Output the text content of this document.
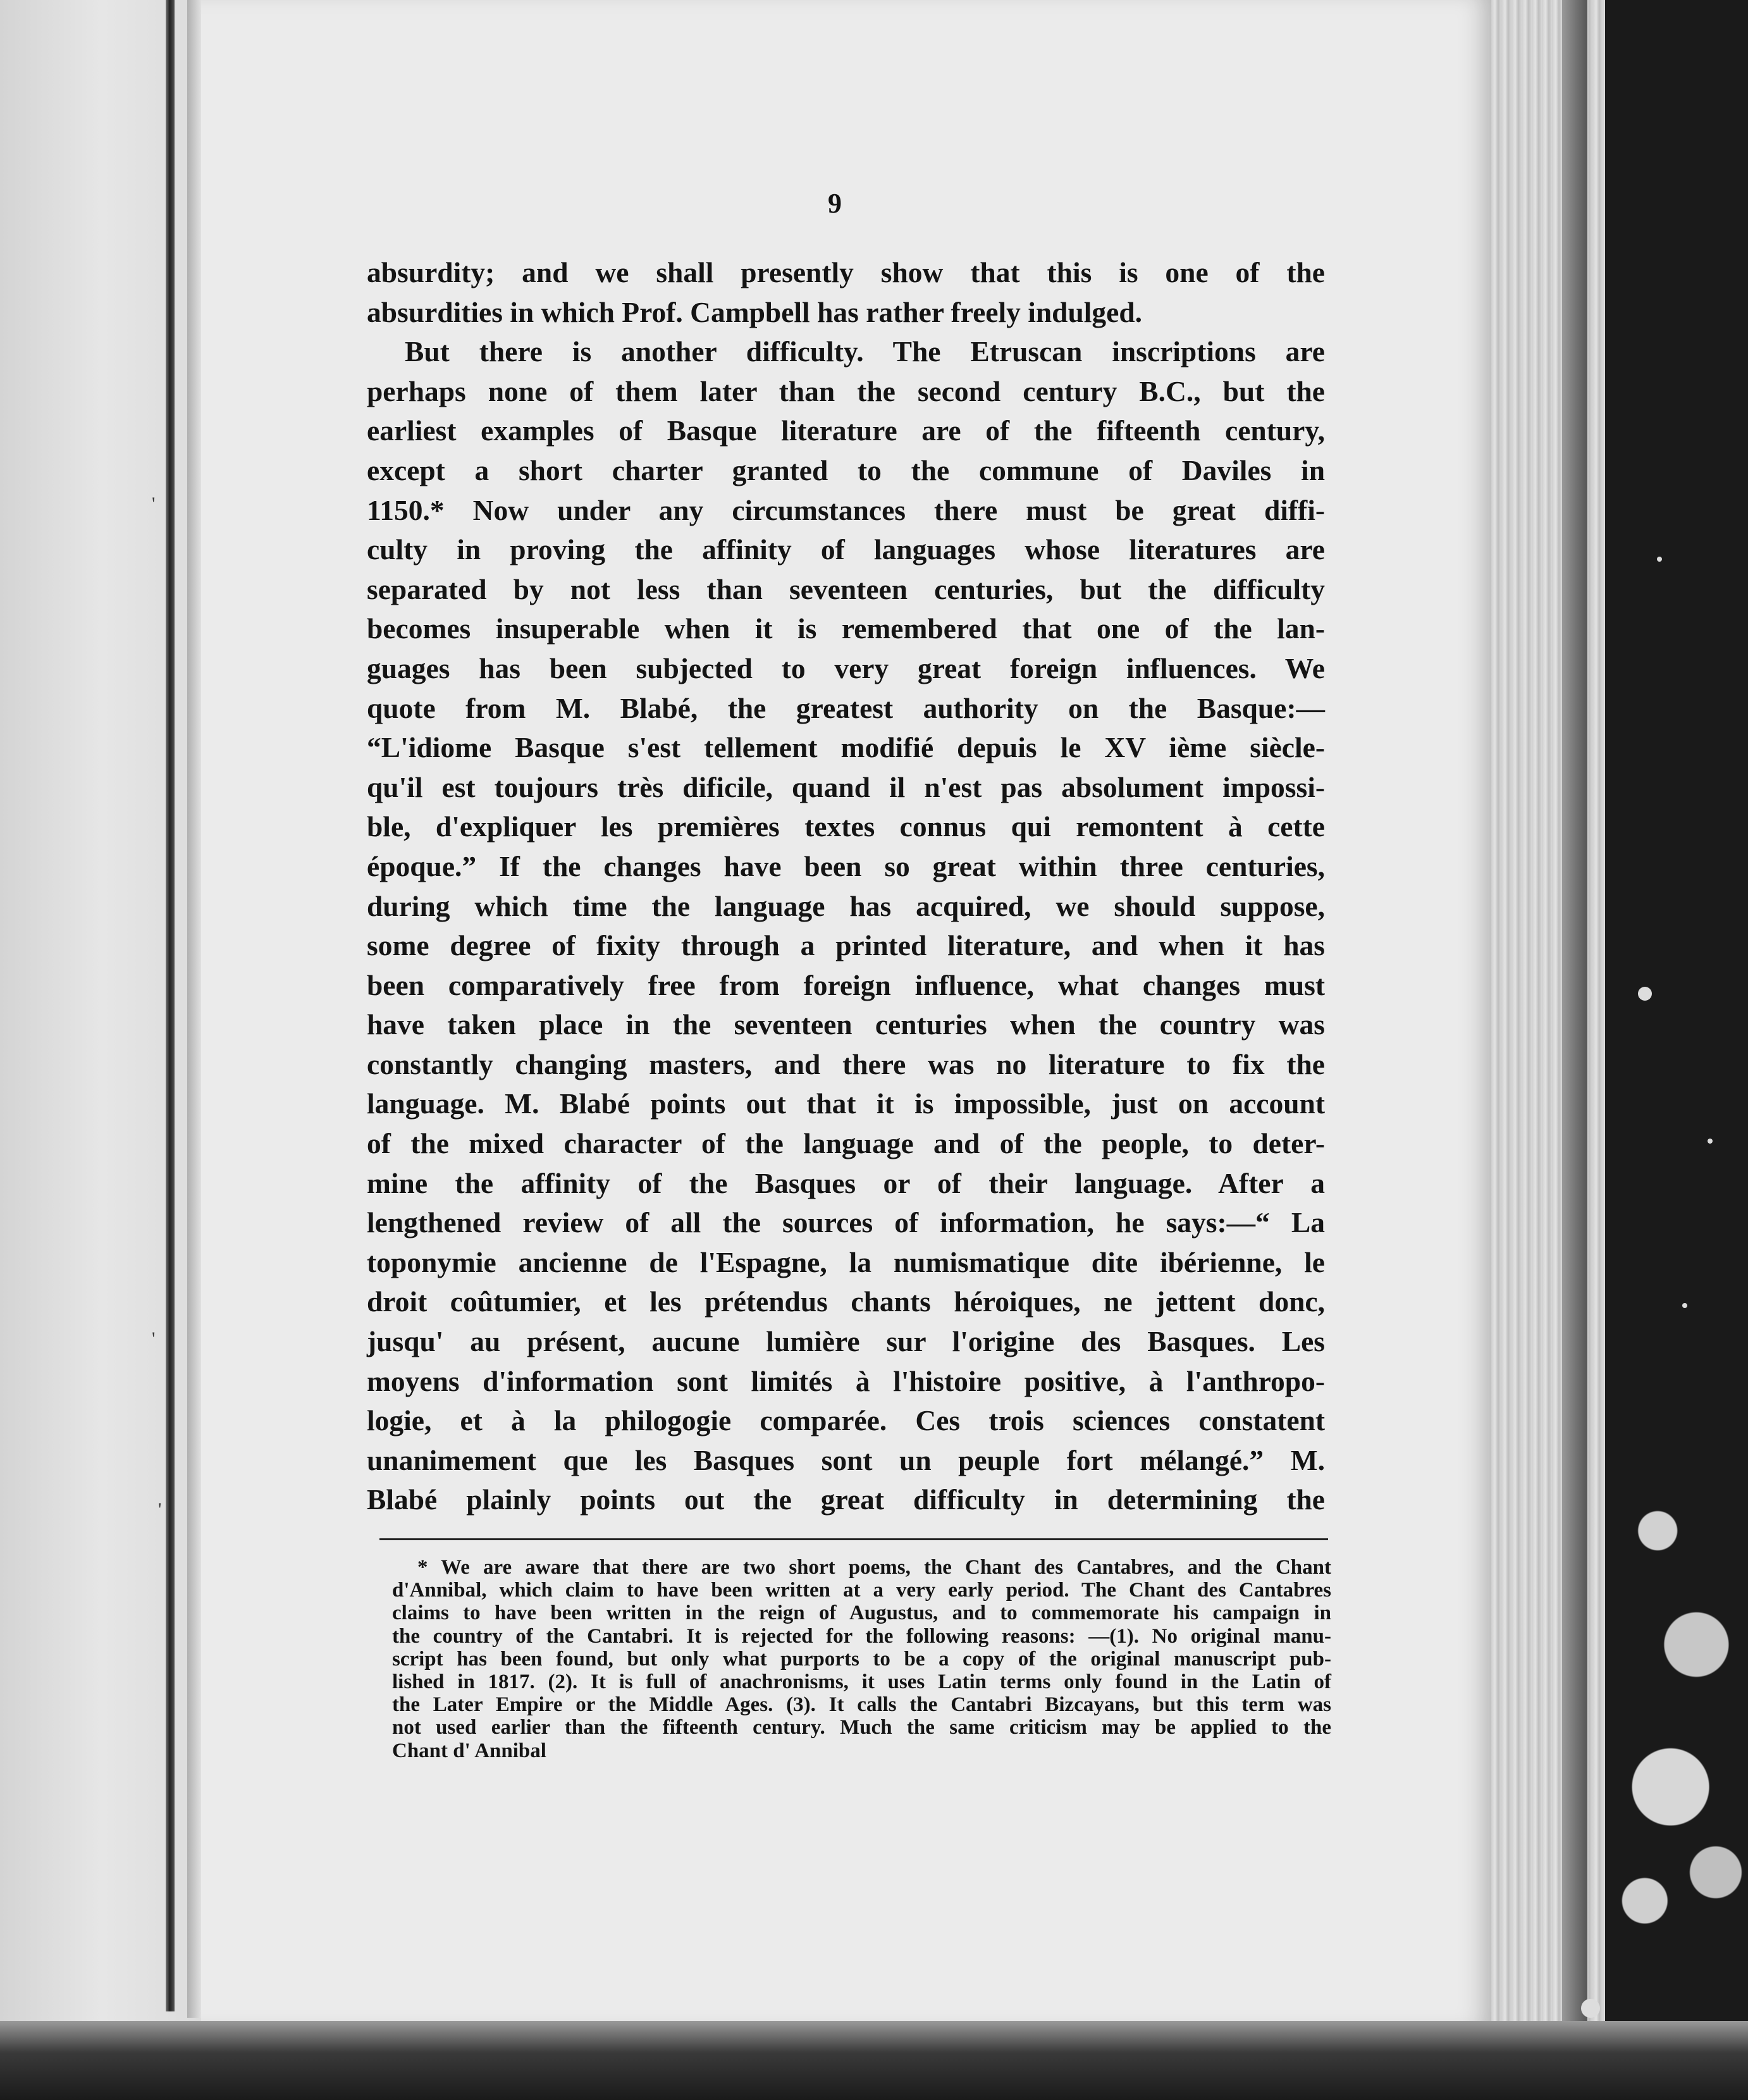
'
'
'
9
absurdity; and we shall presently show that this is one of the
absurdities in which Prof. Campbell has rather freely indulged.
But there is another difficulty. The Etruscan inscriptions are
perhaps none of them later than the second century B.C., but the
earliest examples of Basque literature are of the fifteenth century,
except a short charter granted to the commune of Daviles in
1150.* Now under any circumstances there must be great diffi-
culty in proving the affinity of languages whose literatures are
separated by not less than seventeen centuries, but the difficulty
becomes insuperable when it is remembered that one of the lan-
guages has been subjected to very great foreign influences. We
quote from M. Blabé, the greatest authority on the Basque:—
“L'idiome Basque s'est tellement modifié depuis le XV ième siècle-
qu'il est toujours très dificile, quand il n'est pas absolument impossi-
ble, d'expliquer les premières textes connus qui remontent à cette
époque.” If the changes have been so great within three centuries,
during which time the language has acquired, we should suppose,
some degree of fixity through a printed literature, and when it has
been comparatively free from foreign influence, what changes must
have taken place in the seventeen centuries when the country was
constantly changing masters, and there was no literature to fix the
language. M. Blabé points out that it is impossible, just on account
of the mixed character of the language and of the people, to deter-
mine the affinity of the Basques or of their language. After a
lengthened review of all the sources of information, he says:—“ La
toponymie ancienne de l'Espagne, la numismatique dite ibérienne, le
droit coûtumier, et les prétendus chants héroiques, ne jettent donc,
jusqu' au présent, aucune lumière sur l'origine des Basques. Les
moyens d'information sont limités à l'histoire positive, à l'anthropo-
logie, et à la philogogie comparée. Ces trois sciences constatent
unanimement que les Basques sont un peuple fort mélangé.” M.
Blabé plainly points out the great difficulty in determining the
* We are aware that there are two short poems, the Chant des Cantabres, and the Chant
d'Annibal, which claim to have been written at a very early period. The Chant des Cantabres
claims to have been written in the reign of Augustus, and to commemorate his campaign in
the country of the Cantabri. It is rejected for the following reasons: —(1). No original manu-
script has been found, but only what purports to be a copy of the original manuscript pub-
lished in 1817. (2). It is full of anachronisms, it uses Latin terms only found in the Latin of
the Later Empire or the Middle Ages. (3). It calls the Cantabri Bizcayans, but this term was
not used earlier than the fifteenth century. Much the same criticism may be applied to the
Chant d' Annibal
